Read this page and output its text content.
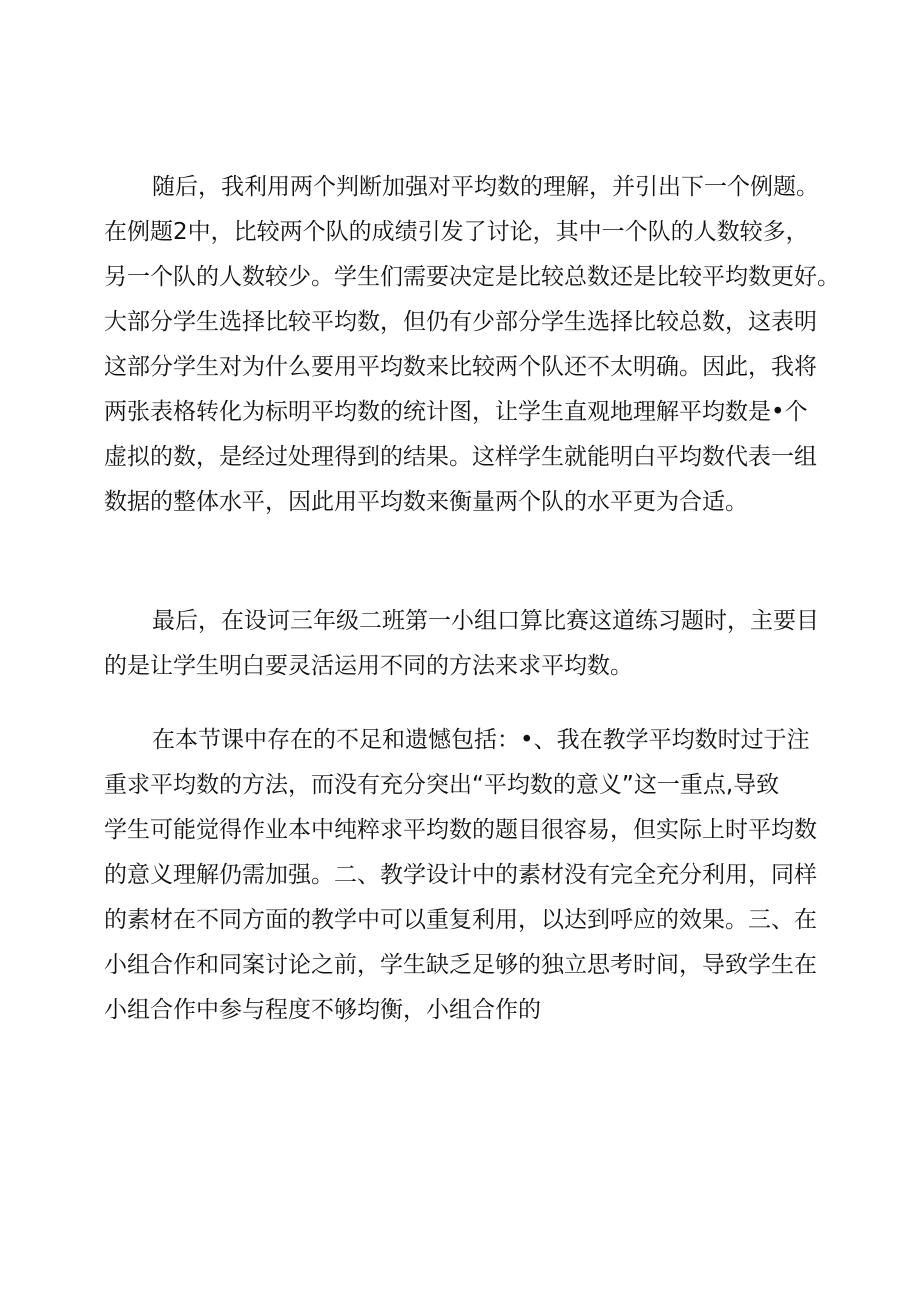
随后，我利用两个判断加强对平均数的理解，并引出下一个例题。
在例题2中，比较两个队的成绩引发了讨论，其中一个队的人数较多，
另一个队的人数较少。学生们需要决定是比较总数还是比较平均数更好。
大部分学生选择比较平均数，但仍有少部分学生选择比较总数，这表明
这部分学生对为什么要用平均数来比较两个队还不太明确。因此，我将
两张表格转化为标明平均数的统计图，让学生直观地理解平均数是•个
虚拟的数，是经过处理得到的结果。这样学生就能明白平均数代表一组
数据的整体水平，因此用平均数来衡量两个队的水平更为合适。
最后，在设诃三年级二班第一小组口算比赛这道练习题时，主要目
的是让学生明白要灵活运用不同的方法来求平均数。
在本节课中存在的不足和遗憾包括：•、我在教学平均数时过于注
重求平均数的方法，而没有充分突出“平均数的意义”这一重点,导致
学生可能觉得作业本中纯粹求平均数的题目很容易，但实际上时平均数
的意义理解仍需加强。二、教学设计中的素材没有完全充分利用，同样
的素材在不同方面的教学中可以重复利用，以达到呼应的效果。三、在
小组合作和同案讨论之前，学生缺乏足够的独立思考时间，导致学生在
小组合作中参与程度不够均衡，小组合作的
